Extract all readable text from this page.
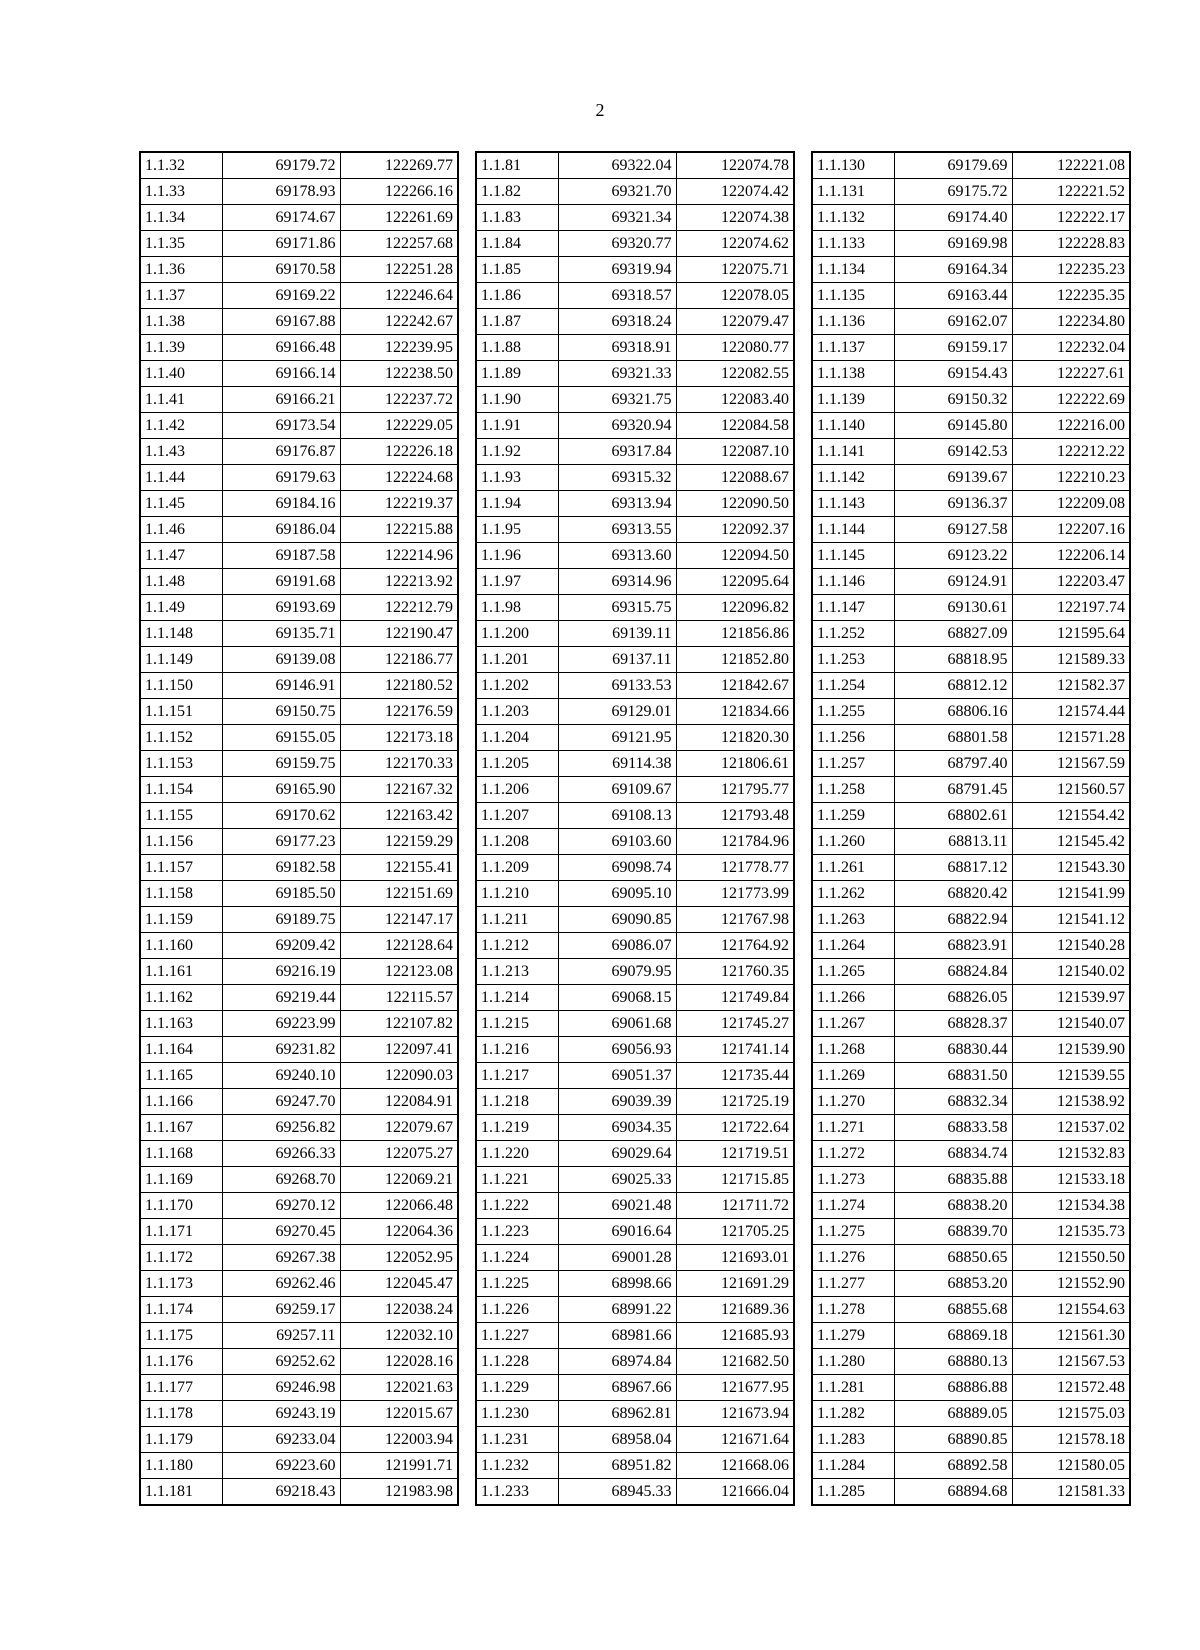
2
1.1.32	69179.72	122269.77
1.1.33	69178.93	122266.16
1.1.34	69174.67	122261.69
1.1.35	69171.86	122257.68
1.1.36	69170.58	122251.28
1.1.37	69169.22	122246.64
1.1.38	69167.88	122242.67
1.1.39	69166.48	122239.95
1.1.40	69166.14	122238.50
1.1.41	69166.21	122237.72
1.1.42	69173.54	122229.05
1.1.43	69176.87	122226.18
1.1.44	69179.63	122224.68
1.1.45	69184.16	122219.37
1.1.46	69186.04	122215.88
1.1.47	69187.58	122214.96
1.1.48	69191.68	122213.92
1.1.49	69193.69	122212.79
1.1.148	69135.71	122190.47
1.1.149	69139.08	122186.77
1.1.150	69146.91	122180.52
1.1.151	69150.75	122176.59
1.1.152	69155.05	122173.18
1.1.153	69159.75	122170.33
1.1.154	69165.90	122167.32
1.1.155	69170.62	122163.42
1.1.156	69177.23	122159.29
1.1.157	69182.58	122155.41
1.1.158	69185.50	122151.69
1.1.159	69189.75	122147.17
1.1.160	69209.42	122128.64
1.1.161	69216.19	122123.08
1.1.162	69219.44	122115.57
1.1.163	69223.99	122107.82
1.1.164	69231.82	122097.41
1.1.165	69240.10	122090.03
1.1.166	69247.70	122084.91
1.1.167	69256.82	122079.67
1.1.168	69266.33	122075.27
1.1.169	69268.70	122069.21
1.1.170	69270.12	122066.48
1.1.171	69270.45	122064.36
1.1.172	69267.38	122052.95
1.1.173	69262.46	122045.47
1.1.174	69259.17	122038.24
1.1.175	69257.11	122032.10
1.1.176	69252.62	122028.16
1.1.177	69246.98	122021.63
1.1.178	69243.19	122015.67
1.1.179	69233.04	122003.94
1.1.180	69223.60	121991.71
1.1.181	69218.43	121983.98
1.1.81	69322.04	122074.78
1.1.82	69321.70	122074.42
1.1.83	69321.34	122074.38
1.1.84	69320.77	122074.62
1.1.85	69319.94	122075.71
1.1.86	69318.57	122078.05
1.1.87	69318.24	122079.47
1.1.88	69318.91	122080.77
1.1.89	69321.33	122082.55
1.1.90	69321.75	122083.40
1.1.91	69320.94	122084.58
1.1.92	69317.84	122087.10
1.1.93	69315.32	122088.67
1.1.94	69313.94	122090.50
1.1.95	69313.55	122092.37
1.1.96	69313.60	122094.50
1.1.97	69314.96	122095.64
1.1.98	69315.75	122096.82
1.1.200	69139.11	121856.86
1.1.201	69137.11	121852.80
1.1.202	69133.53	121842.67
1.1.203	69129.01	121834.66
1.1.204	69121.95	121820.30
1.1.205	69114.38	121806.61
1.1.206	69109.67	121795.77
1.1.207	69108.13	121793.48
1.1.208	69103.60	121784.96
1.1.209	69098.74	121778.77
1.1.210	69095.10	121773.99
1.1.211	69090.85	121767.98
1.1.212	69086.07	121764.92
1.1.213	69079.95	121760.35
1.1.214	69068.15	121749.84
1.1.215	69061.68	121745.27
1.1.216	69056.93	121741.14
1.1.217	69051.37	121735.44
1.1.218	69039.39	121725.19
1.1.219	69034.35	121722.64
1.1.220	69029.64	121719.51
1.1.221	69025.33	121715.85
1.1.222	69021.48	121711.72
1.1.223	69016.64	121705.25
1.1.224	69001.28	121693.01
1.1.225	68998.66	121691.29
1.1.226	68991.22	121689.36
1.1.227	68981.66	121685.93
1.1.228	68974.84	121682.50
1.1.229	68967.66	121677.95
1.1.230	68962.81	121673.94
1.1.231	68958.04	121671.64
1.1.232	68951.82	121668.06
1.1.233	68945.33	121666.04
1.1.130	69179.69	122221.08
1.1.131	69175.72	122221.52
1.1.132	69174.40	122222.17
1.1.133	69169.98	122228.83
1.1.134	69164.34	122235.23
1.1.135	69163.44	122235.35
1.1.136	69162.07	122234.80
1.1.137	69159.17	122232.04
1.1.138	69154.43	122227.61
1.1.139	69150.32	122222.69
1.1.140	69145.80	122216.00
1.1.141	69142.53	122212.22
1.1.142	69139.67	122210.23
1.1.143	69136.37	122209.08
1.1.144	69127.58	122207.16
1.1.145	69123.22	122206.14
1.1.146	69124.91	122203.47
1.1.147	69130.61	122197.74
1.1.252	68827.09	121595.64
1.1.253	68818.95	121589.33
1.1.254	68812.12	121582.37
1.1.255	68806.16	121574.44
1.1.256	68801.58	121571.28
1.1.257	68797.40	121567.59
1.1.258	68791.45	121560.57
1.1.259	68802.61	121554.42
1.1.260	68813.11	121545.42
1.1.261	68817.12	121543.30
1.1.262	68820.42	121541.99
1.1.263	68822.94	121541.12
1.1.264	68823.91	121540.28
1.1.265	68824.84	121540.02
1.1.266	68826.05	121539.97
1.1.267	68828.37	121540.07
1.1.268	68830.44	121539.90
1.1.269	68831.50	121539.55
1.1.270	68832.34	121538.92
1.1.271	68833.58	121537.02
1.1.272	68834.74	121532.83
1.1.273	68835.88	121533.18
1.1.274	68838.20	121534.38
1.1.275	68839.70	121535.73
1.1.276	68850.65	121550.50
1.1.277	68853.20	121552.90
1.1.278	68855.68	121554.63
1.1.279	68869.18	121561.30
1.1.280	68880.13	121567.53
1.1.281	68886.88	121572.48
1.1.282	68889.05	121575.03
1.1.283	68890.85	121578.18
1.1.284	68892.58	121580.05
1.1.285	68894.68	121581.33
